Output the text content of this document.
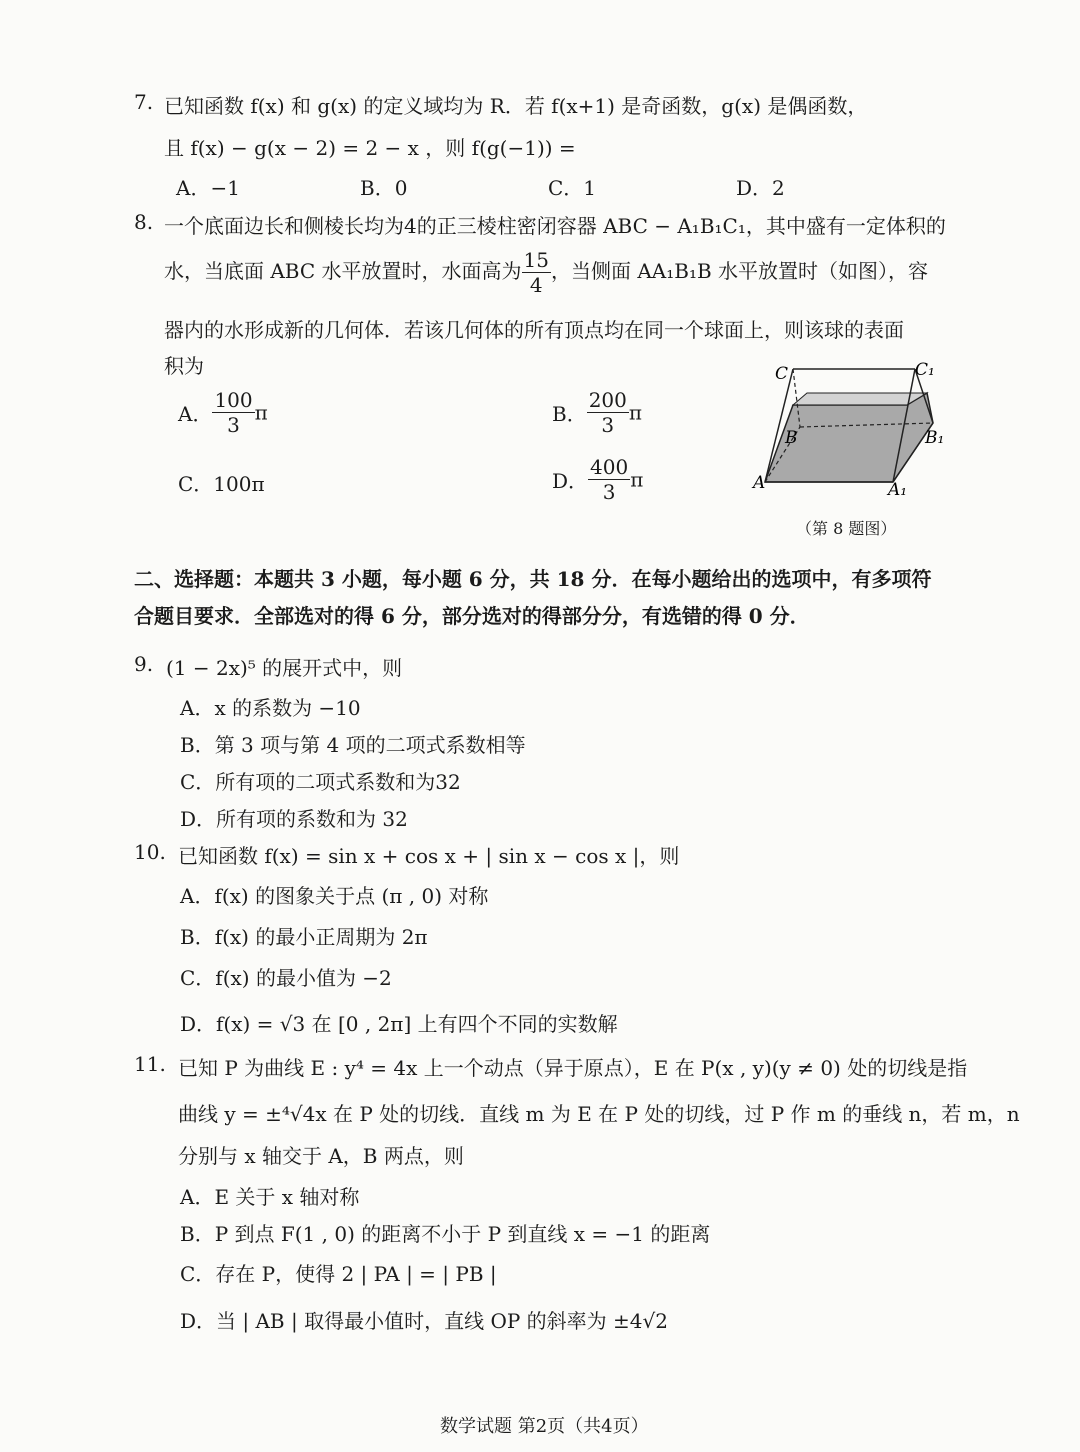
7. 已知函数 f(x) 和 g(x) 的定义域均为 R．若 f(x+1) 是奇函数，g(x) 是偶函数，
且 f(x) − g(x − 2) = 2 − x ，则 f(g(−1)) =
A．−1	B．0	C．1	D．2
8. 一个底面边长和侧棱长均为4的正三棱柱密闭容器 ABC − A₁B₁C₁，其中盛有一定体积的
水，当底面 ABC 水平放置时，水面高为 $\frac{15}{4}$ ，当侧面 AA₁B₁B 水平放置时（如图），容
器内的水形成新的几何体．若该几何体的所有顶点均在同一个球面上，则该球的表面
积为
A． $\frac{100}{3}$ π	B． $\frac{200}{3}$ π
C．100π	D． $\frac{400}{3}$ π
C	C₁
B	B₁
A	A₁
（第 8 题图）
二、选择题：本题共 3 小题，每小题 6 分，共 18 分．在每小题给出的选项中，有多项符
合题目要求．全部选对的得 6 分，部分选对的得部分分，有选错的得 0 分．
9. (1 − 2x)⁵ 的展开式中，则
A．x 的系数为 −10
B．第 3 项与第 4 项的二项式系数相等
C．所有项的二项式系数和为32
D．所有项的系数和为 32
10. 已知函数 f(x) = sin x + cos x + | sin x − cos x |，则
A．f(x) 的图象关于点 (π , 0) 对称
B．f(x) 的最小正周期为 2π
C．f(x) 的最小值为 −2
D．f(x) = √3 在 [0 , 2π] 上有四个不同的实数解
11. 已知 P 为曲线 E : y⁴ = 4x 上一个动点（异于原点），E 在 P(x , y)(y ≠ 0) 处的切线是指
曲线 y = ±⁴√4x 在 P 处的切线．直线 m 为 E 在 P 处的切线，过 P 作 m 的垂线 n，若 m，n
分别与 x 轴交于 A，B 两点，则
A．E 关于 x 轴对称
B．P 到点 F(1 , 0) 的距离不小于 P 到直线 x = −1 的距离
C．存在 P，使得 2 | PA | = | PB |
D．当 | AB | 取得最小值时，直线 OP 的斜率为 ±4√2
数学试题 第2页（共4页）
